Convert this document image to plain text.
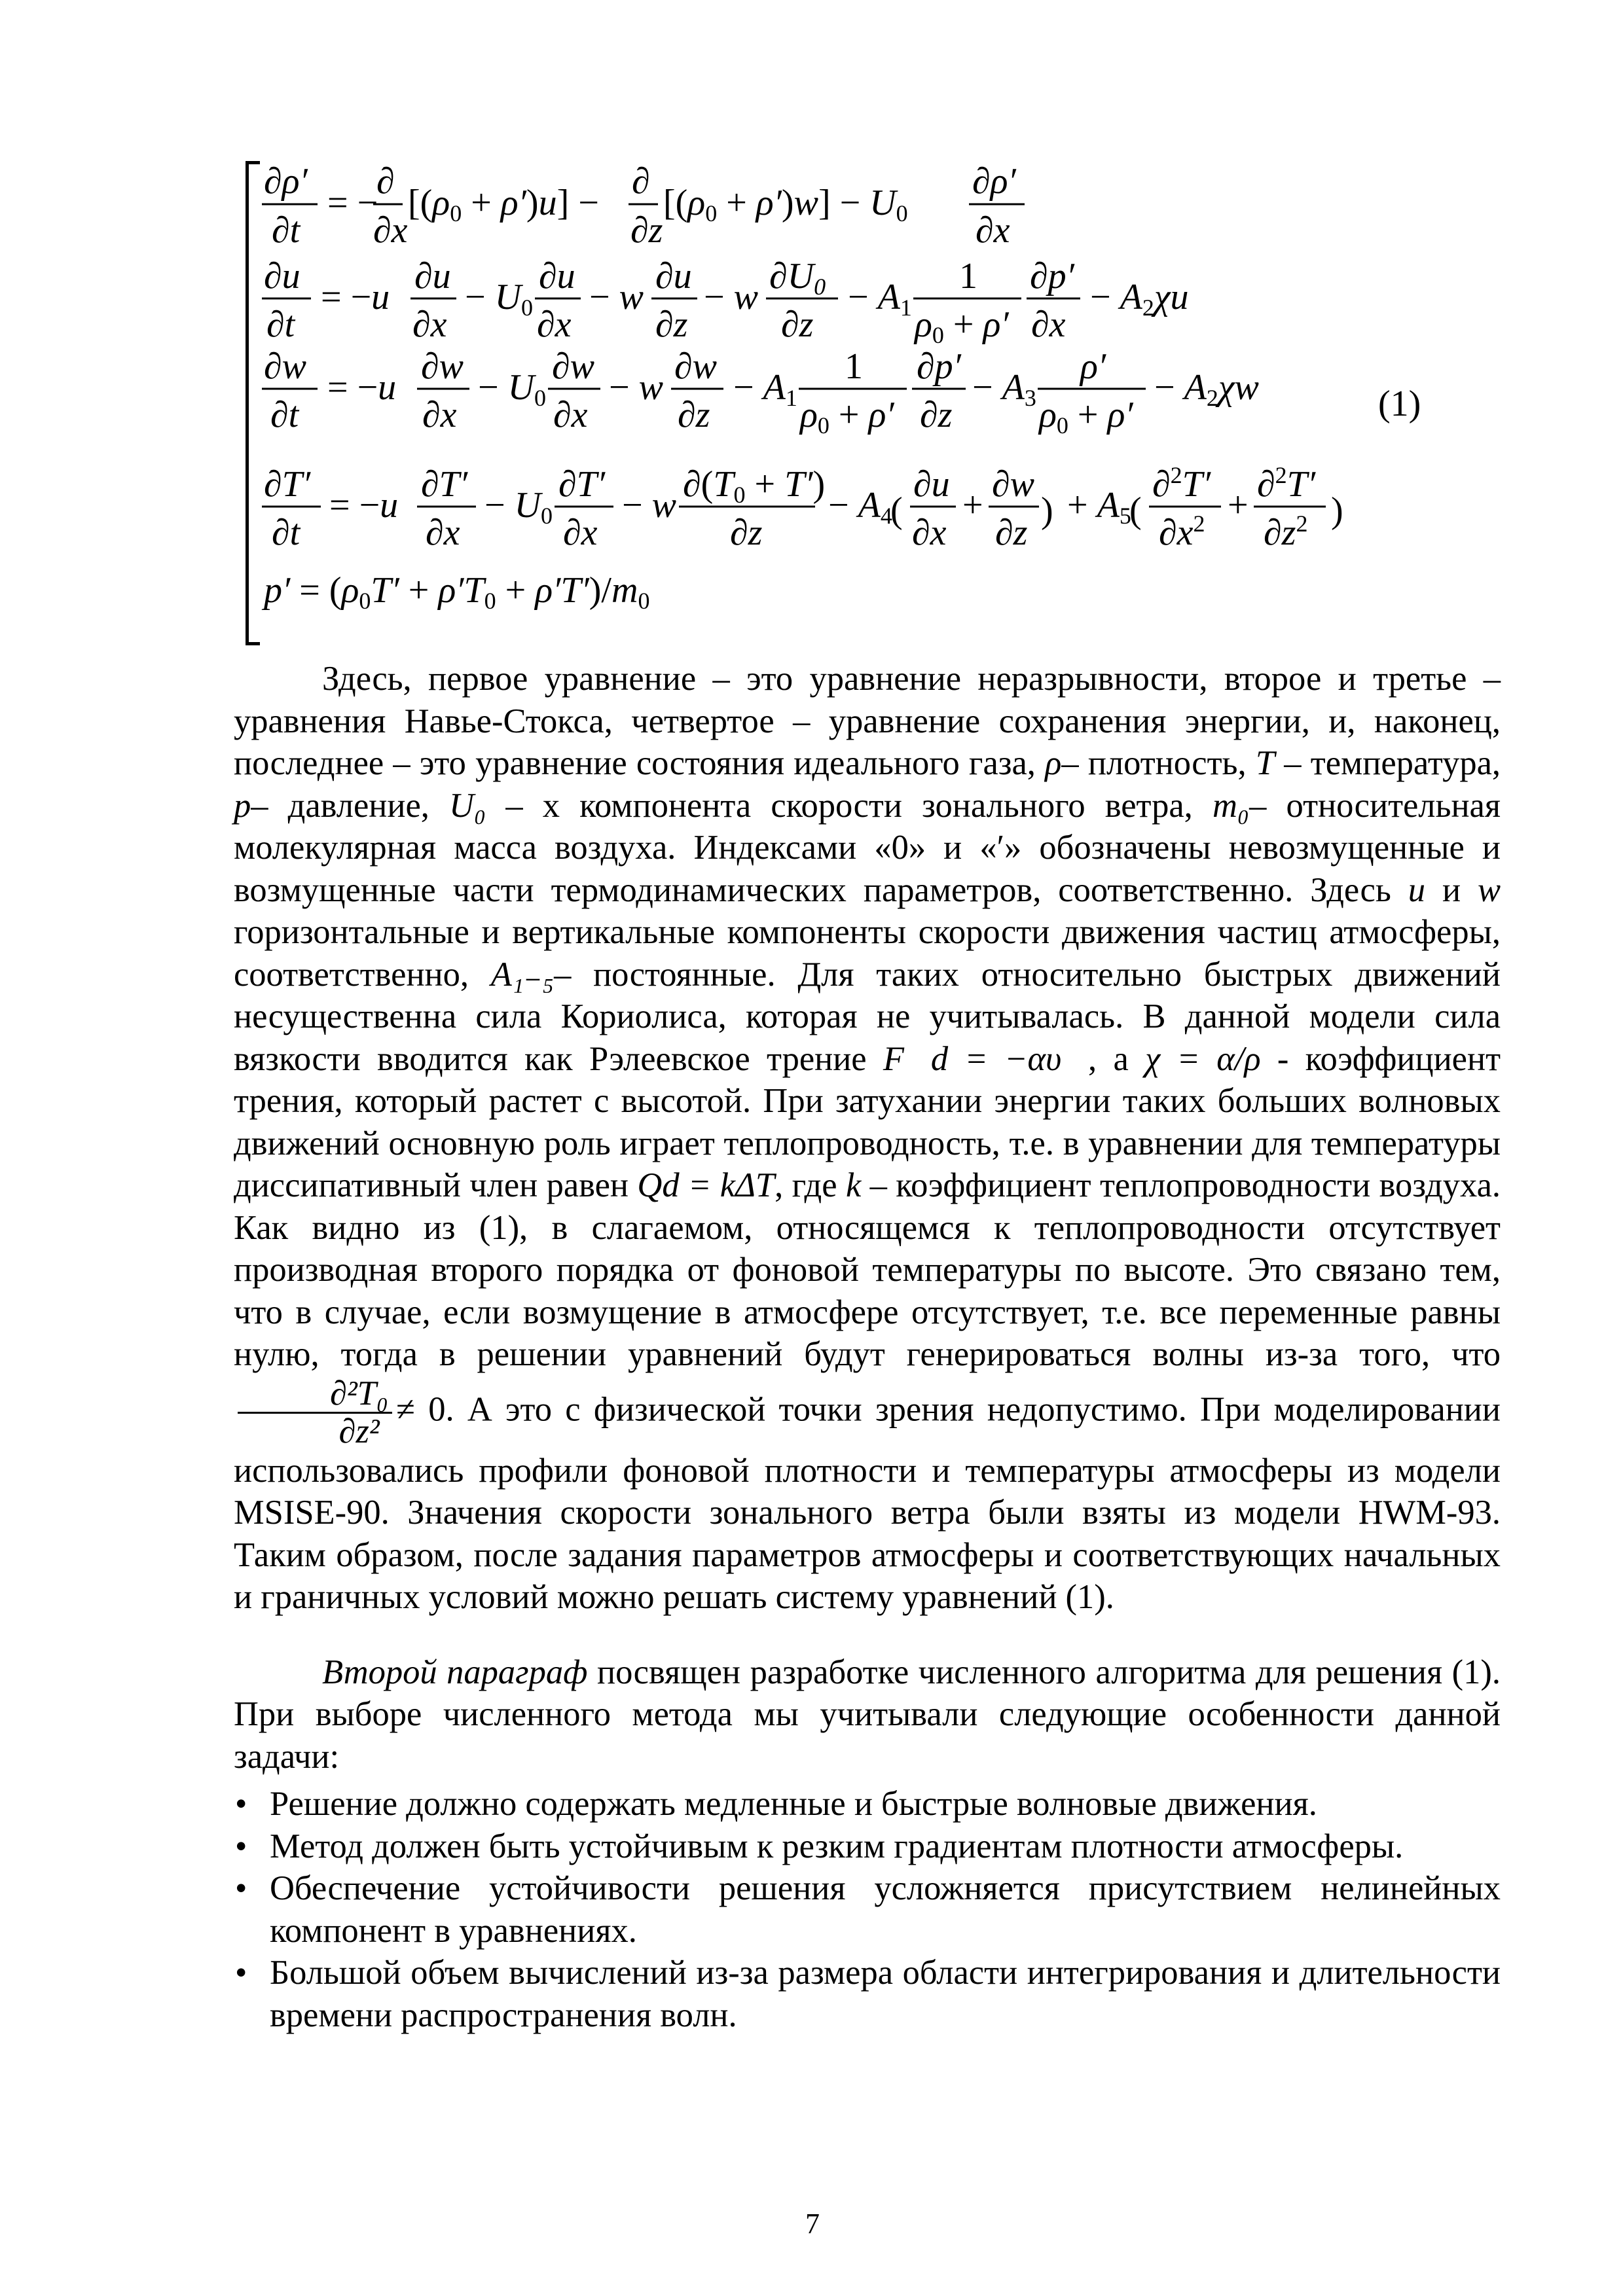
∂ρ′
∂t
= −
∂
∂x
[(ρ0 + ρ′)u] −
∂
∂z
[(ρ0 + ρ′)w] − U0
∂ρ′
∂x
∂u
∂t
= −u
∂u
∂x
− U0
∂u
∂x
− w
∂u
∂z
− w
∂U0
∂z
− A1
1
ρ0 + ρ′
∂p′
∂x
− A2χu
∂w
∂t
= −u
∂w
∂x
− U0
∂w
∂x
− w
∂w
∂z
− A1
1
ρ0 + ρ′
∂p′
∂z
− A3
ρ′
ρ0 + ρ′
− A2χw
∂T′
∂t
= −u
∂T′
∂x
− U0
∂T′
∂x
− w
∂(T0 + T′)
∂z
− A4
(
∂u
∂x
+
∂w
∂z
) + A5
(
∂$^2$T′
$\partial x^2$ +
∂$^2$T′
$\partial z^2$ )
p′ = (ρ0T′ + ρ′T0 + ρ′T′)/m0
(1)

Здесь, первое уравнение – это уравнение неразрывности, второе и третье – уравнения Навье-Стокса, четвертое – уравнение сохранения энергии, и, наконец, последнее – это уравнение состояния идеального газа, ρ– плотность, T – температура, p– давление, U₀ – x компонента скорости зонального ветра, m₀– относительная молекулярная масса воздуха. Индексами «0» и «′» обозначены невозмущенные и возмущенные части термодинамических параметров, соответственно. Здесь u и w горизонтальные и вертикальные компоненты скорости движения частиц атмосферы, соответственно, A₁₋₅– постоянные. Для таких относительно быстрых движений несущественна сила Кориолиса, которая не учитывалась. В данной модели сила вязкости вводится как Рэлеевское трение F⃗d = −αυ⃗, а χ = α/ρ - коэффициент трения, который растет с высотой. При затухании энергии таких больших волновых движений основную роль играет теплопроводность, т.е. в уравнении для температуры диссипативный член равен Qd = kΔT, где k – коэффициент теплопроводности воздуха. Как видно из (1), в слагаемом, относящемся к теплопроводности отсутствует производная второго порядка от фоновой температуры по высоте. Это связано тем, что в случае, если возмущение в атмосфере отсутствует, т.е. все переменные равны нулю, тогда в решении уравнений будут генерироваться волны из-за того, что
$\frac{\text{∂²T₀}}{\text{∂z²}} \ne 0$. А это с физической точки зрения недопустимо. При моделировании использовались профили фоновой плотности и температуры атмосферы из модели MSISE-90. Значения скорости зонального ветра были взяты из модели HWM-93. Таким образом, после задания параметров атмосферы и соответствующих начальных и граничных условий можно решать систему уравнений (1).

Второй параграф посвящен разработке численного алгоритма для решения (1). При выборе численного метода мы учитывали следующие особенности данной задачи:

• Решение должно содержать медленные и быстрые волновые движения.
• Метод должен быть устойчивым к резким градиентам плотности атмосферы.
• Обеспечение устойчивости решения усложняется присутствием нелинейных компонент в уравнениях.
• Большой объем вычислений из-за размера области интегрирования и длительности времени распространения волн.
7
